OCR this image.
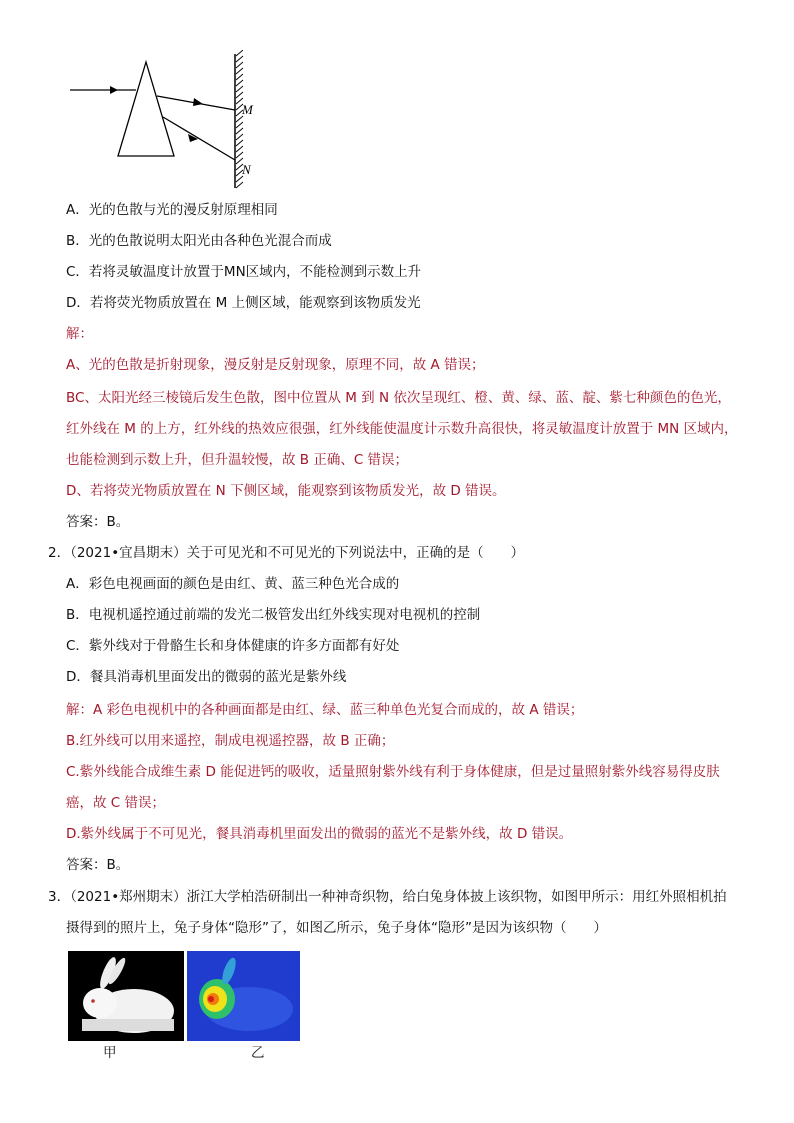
M
N
A．光的色散与光的漫反射原理相同
B．光的色散说明太阳光由各种色光混合而成
C．若将灵敏温度计放置于MN区域内，不能检测到示数上升
D．若将荧光物质放置在 M 上侧区域，能观察到该物质发光
解：
A、光的色散是折射现象，漫反射是反射现象，原理不同，故 A 错误；
BC、太阳光经三棱镜后发生色散，图中位置从 M 到 N 依次呈现红、橙、黄、绿、蓝、靛、紫七种颜色的色光，
红外线在 M 的上方，红外线的热效应很强，红外线能使温度计示数升高很快，将灵敏温度计放置于 MN 区域内，
也能检测到示数上升，但升温较慢，故 B 正确、C 错误；
D、若将荧光物质放置在 N 下侧区域，能观察到该物质发光，故 D 错误。
答案：B。
2．（2021•宜昌期末）关于可见光和不可见光的下列说法中，正确的是（　　）
A．彩色电视画面的颜色是由红、黄、蓝三种色光合成的
B．电视机遥控通过前端的发光二极管发出红外线实现对电视机的控制
C．紫外线对于骨骼生长和身体健康的许多方面都有好处
D．餐具消毒机里面发出的微弱的蓝光是紫外线
解：A 彩色电视机中的各种画面都是由红、绿、蓝三种单色光复合而成的，故 A 错误；
B.红外线可以用来遥控，制成电视遥控器，故 B 正确；
C.紫外线能合成维生素 D 能促进钙的吸收，适量照射紫外线有利于身体健康，但是过量照射紫外线容易得皮肤
癌，故 C 错误；
D.紫外线属于不可见光，餐具消毒机里面发出的微弱的蓝光不是紫外线，故 D 错误。
答案：B。
3．（2021•郑州期末）浙江大学柏浩研制出一种神奇织物，给白兔身体披上该织物，如图甲所示：用红外照相机拍
摄得到的照片上，兔子身体“隐形”了，如图乙所示，兔子身体“隐形”是因为该织物（　　）
甲	乙
